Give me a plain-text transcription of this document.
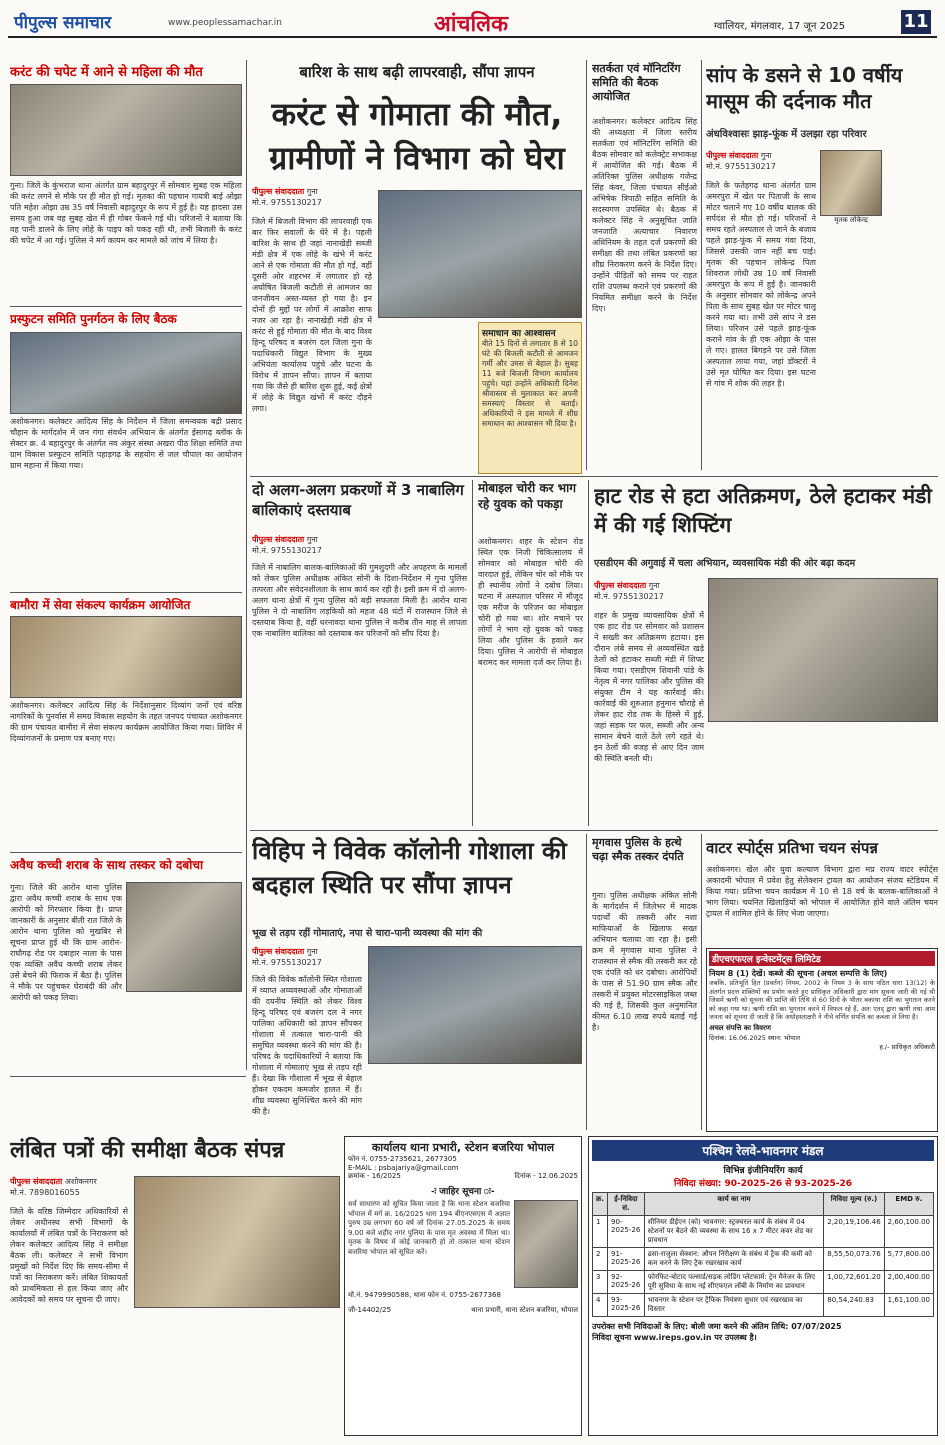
पीपुल्स समाचार	www.peoplessamachar.in	आंचलिक	ग्वालियर, मंगलवार, 17 जून 2025	11
करंट की चपेट में आने से महिला की मौत
गुना। जिले के कुंभराज थाना अंतर्गत ग्राम बहादुरपुर में सोमवार सुबह एक महिला की करंट लगने से मौके पर ही मौत हो गई। मृतका की पहचान गायत्री बाई ओझा पति महेश ओझा उम्र 35 वर्ष निवासी बहादुरपुर के रूप में हुई है। यह हादसा उस समय हुआ जब वह सुबह खेत में ही गोबर फेंकने गई थी। परिजनों ने बताया कि वह पानी डालने के लिए लोहे के पाइप को पकड़ रही थी, तभी बिजली के करंट की चपेट में आ गई। पुलिस ने मर्ग कायम कर मामले को जांच में लिया है।
प्रस्फुटन समिति पुनर्गठन के लिए बैठक
अशोकनगर। कलेक्टर आदित्य सिंह के निर्देशन में जिला समन्वयक बद्री प्रसाद चौहान के मार्गदर्शन में जन गंगा संवर्धन अभियान के अंतर्गत ईसागढ़ ब्लॉक के सेक्टर क्र. 4 बहादुरपुर के अंतर्गत नव अंकुर संस्था अखरा पीठ शिक्षा समिति तथा ग्राम विकास प्रस्फुटन समिति पहाड़गढ़ के सहयोग से जल चौपाल का आयोजन ग्राम महाना में किया गया।
बामौरा में सेवा संकल्प कार्यक्रम आयोजित
अशोकनगर। कलेक्टर आदित्य सिंह के निर्देशानुसार दिव्यांग जनों एवं वरिष्ठ नागरिकों के पुनर्वास में समग्र विकास सहयोग के तहत जनपद पंचायत अशोकनगर की ग्राम पंचायत बामौरा में सेवा संकल्प कार्यक्रम आयोजित किया गया। शिविर में दिव्यांगजनों के प्रमाण पत्र बनाए गए।
अवैध कच्ची शराब के साथ तस्कर को दबोचा
गुना। जिले की आरोन थाना पुलिस द्वारा अवैध कच्ची शराब के साथ एक आरोपी को गिरफ्तार किया है। प्राप्त जानकारी के अनुसार बीती रात जिले के आरोन थाना पुलिस को मुखबिर से सूचना प्राप्त हुई थी कि ग्राम आरोन-राघौगढ़ रोड पर दबाहार नाला के पास एक व्यक्ति अवैध कच्ची शराब लेकर उसे बेचने की फिराक में बैठा है। पुलिस ने मौके पर पहुंचकर घेराबंदी की और आरोपी को पकड़ लिया।
बारिश के साथ बढ़ी लापरवाही, सौंपा ज्ञापन
करंट से गोमाता की मौत, ग्रामीणों ने विभाग को घेरा
पीपुल्स संवाददाता गुना
मो.नं. 9755130217
जिले में बिजली विभाग की लापरवाही एक बार फिर सवालों के घेरे में है। पहली बारिश के साथ ही जहां नानाखेड़ी सब्जी मंडी क्षेत्र में एक लोहे के खंभे में करंट आने से एक गोमाता की मौत हो गई, वहीं दूसरी ओर शहरभर में लगातार हो रहे अघोषित बिजली कटौती से आमजन का जनजीवन अस्त-व्यस्त हो गया है। इन दोनों ही मुद्दों पर लोगों में आक्रोश साफ नजर आ रहा है। नानाखेड़ी मंडी क्षेत्र में करंट से हुई गोमाता की मौत के बाद विश्व हिन्दू परिषद व बजरंग दल जिला गुना के पदाधिकारी विद्युत विभाग के मुख्य अभियंता कार्यालय पहुंचे और घटना के विरोध में ज्ञापन सौंपा। ज्ञापन में बताया गया कि जैसे ही बारिश शुरू हुई, कई क्षेत्रों में लोहे के विद्युत खंभों में करंट दौड़ने लगा।
समाधान का आश्वासन
बीते 15 दिनों से लगातार 8 से 10 घंटे की बिजली कटौती से आमजन गर्मी और उमस से बेहाल है। सुबह 11 बजे बिजली विभाग कार्यालय पहुंचे। यहां उन्होंने अधिकारी दिनेश श्रीवास्तव से मुलाकात कर अपनी समस्याएं विस्तार से बताईं। अधिकारियों ने इस मामले में शीघ्र समाधान का आश्वासन भी दिया है।
सतर्कता एवं मॉनिटरिंग समिति की बैठक आयोजित
अशोकनगर। कलेक्टर आदित्य सिंह की अध्यक्षता में जिला स्तरीय सतर्कता एवं मॉनिटरिंग समिति की बैठक सोमवार को कलेक्ट्रेट सभाकक्ष में आयोजित की गई। बैठक में अतिरिक्त पुलिस अधीक्षक गजेन्द्र सिंह कंवर, जिला पंचायत सीईओ अभिषेक त्रिपाठी सहित समिति के सदस्यगण उपस्थित थे। बैठक में कलेक्टर सिंह ने अनुसूचित जाति जनजाति अत्याचार निवारण अधिनियम के तहत दर्ज प्रकरणों की समीक्षा की तथा लंबित प्रकरणों का शीघ्र निराकरण करने के निर्देश दिए। उन्होंने पीड़ितों को समय पर राहत राशि उपलब्ध कराने एवं प्रकरणों की नियमित समीक्षा करने के निर्देश दिए।
सांप के डसने से 10 वर्षीय मासूम की दर्दनाक मौत
अंधविश्वासः झाड़-फूंक में उलझा रहा परिवार
पीपुल्स संवाददाता गुना
मो.नं. 9755130217
मृतक लोकेन्द्र
जिले के फतेहगढ़ थाना अंतर्गत ग्राम अमरपुरा में खेत पर पिताजी के साथ मोटर चलाने गए 10 वर्षीय बालक की सर्पदंश से मौत हो गई। परिजनों ने समय रहते अस्पताल ले जाने के बजाय पहले झाड़-फूंक में समय गंवा दिया, जिससे उसकी जान नहीं बच पाई। मृतक की पहचान लोकेन्द्र पिता शिवराज लोधी उम्र 10 वर्ष निवासी अमरपुरा के रूप में हुई है। जानकारी के अनुसार सोमवार को लोकेन्द्र अपने पिता के साथ सुबह खेत पर मोटर चालू करने गया था। तभी उसे सांप ने डस लिया। परिजन उसे पहले झाड़-फूंक कराने गांव के ही एक ओझा के पास ले गए। हालत बिगड़ने पर उसे जिला अस्पताल लाया गया, जहां डॉक्टरों ने उसे मृत घोषित कर दिया। इस घटना से गांव में शोक की लहर है।
दो अलग-अलग प्रकरणों में 3 नाबालिग बालिकाएं दस्तयाब
पीपुल्स संवाददाता गुना
मो.नं. 9755130217
जिले में नाबालिग बालक-बालिकाओं की गुमशुदगी और अपहरण के मामलों को लेकर पुलिस अधीक्षक अंकित सोनी के दिशा-निर्देशन में गुना पुलिस तत्परता और संवेदनशीलता के साथ कार्य कर रही है। इसी क्रम में दो अलग-अलग थाना क्षेत्रों में गुना पुलिस को बड़ी सफलता मिली है। आरोन थाना पुलिस ने दो नाबालिग लड़कियों को महज 48 घंटों में राजस्थान जिले से दस्तयाब किया है, वहीं धरनावदा थाना पुलिस ने करीब तीन माह से लापता एक नाबालिग बालिका को दस्तयाब कर परिजनों को सौंप दिया है।
मोबाइल चोरी कर भाग रहे युवक को पकड़ा
अशोकनगर। शहर के स्टेशन रोड स्थित एक निजी चिकित्सालय में सोमवार को मोबाइल चोरी की वारदात हुई, लेकिन चोर को मौके पर ही स्थानीय लोगों ने दबोच लिया। घटना में अस्पताल परिसर में मौजूद एक मरीज के परिजन का मोबाइल चोरी हो गया था। शोर मचाने पर लोगों ने भाग रहे युवक को पकड़ लिया और पुलिस के हवाले कर दिया। पुलिस ने आरोपी से मोबाइल बरामद कर मामला दर्ज कर लिया है।
हाट रोड से हटा अतिक्रमण, ठेले हटाकर मंडी में की गई शिफ्टिंग
एसडीएम की अगुवाई में चला अभियान, व्यवसायिक मंडी की ओर बढ़ा कदम
पीपुल्स संवाददाता गुना
मो.नं. 9755130217
शहर के प्रमुख व्यावसायिक क्षेत्रों में एक हाट रोड पर सोमवार को प्रशासन ने सख्ती कर अतिक्रमण हटाया। इस दौरान लंबे समय से अव्यवस्थित खड़े ठेलों को हटाकर सब्जी मंडी में शिफ्ट किया गया। एसडीएम शिवानी पांडे के नेतृत्व में नगर पालिका और पुलिस की संयुक्त टीम ने यह कार्रवाई की। कार्रवाई की शुरुआत हनुमान चौराहे से लेकर हाट रोड तक के हिस्से में हुई, जहां सड़क पर फल, सब्जी और अन्य सामान बेचने वाले ठेले लगे रहते थे। इन ठेलों की वजह से आए दिन जाम की स्थिति बनती थी।
विहिप ने विवेक कॉलोनी गोशाला की बदहाल स्थिति पर सौंपा ज्ञापन
भूख से तड़प रहीं गोमाताएं, नपा से चारा-पानी व्यवस्था की मांग की
पीपुल्स संवाददाता गुना
मो.नं. 9755130217
जिले की विवेक कॉलोनी स्थित गोशाला में व्याप्त अव्यवस्थाओं और गोमाताओं की दयनीय स्थिति को लेकर विश्व हिन्दू परिषद एवं बजरंग दल ने नगर पालिका अधिकारी को ज्ञापन सौंपकर गोशाला में तत्काल चारा-पानी की समुचित व्यवस्था करने की मांग की है। परिषद के पदाधिकारियों ने बताया कि गोशाला में गोमाताएं भूख से तड़प रही हैं। देखा कि गौशाला में भूख से बेहाल होकर एकदम कमजोर हालत में हैं। शीघ्र व्यवस्था सुनिश्चित करने की मांग की है।
मृगवास पुलिस के हत्थे चढ़ा स्मैक तस्कर दंपति
गुना। पुलिस अधीक्षक अंकित सोनी के मार्गदर्शन में जिलेभर में मादक पदार्थों की तस्करी और नशा माफियाओं के खिलाफ सख्त अभियान चलाया जा रहा है। इसी क्रम में मृगवास थाना पुलिस ने राजस्थान से स्मैक की तस्करी कर रहे एक दंपति को धर दबोचा। आरोपियों के पास से 51.90 ग्राम स्मैक और तस्करी में प्रयुक्त मोटरसाइकिल जब्त की गई है, जिसकी कुल अनुमानित कीमत 6.10 लाख रुपये बताई गई है।
वाटर स्पोर्ट्स प्रतिभा चयन संपन्न
अशोकनगर। खेल और युवा कल्याण विभाग द्वारा मप्र राज्य वाटर स्पोर्ट्स अकादमी भोपाल में प्रवेश हेतु सेलेक्शन ट्रायल का आयोजन संजय स्टेडियम में किया गया। प्रतिभा चयन कार्यक्रम में 10 से 18 वर्ष के बालक-बालिकाओं ने भाग लिया। चयनित खिलाड़ियों को भोपाल में आयोजित होने वाले अंतिम चयन ट्रायल में शामिल होने के लिए भेजा जाएगा।
डीएचएफएल इन्वेस्टमेंट्स लिमिटेड
नियम 8 (1) देखें। कब्जे की सूचना (अचल सम्पत्ति के लिए)
जबकि, प्रतिभूति हित (प्रवर्तन) नियम, 2002 के नियम 3 के साथ पठित धारा 13(12) के अंतर्गत प्रदत्त शक्तियों का प्रयोग करते हुए प्राधिकृत अधिकारी द्वारा मांग सूचना जारी की गई थी जिसमें ऋणी को सूचना की प्राप्ति की तिथि से 60 दिनों के भीतर बकाया राशि का भुगतान करने को कहा गया था। ऋणी राशि का भुगतान करने में विफल रहे हैं, अतः एतद् द्वारा ऋणी तथा आम जनता को सूचना दी जाती है कि अधोहस्ताक्षरी ने नीचे वर्णित संपत्ति का कब्जा ले लिया है।
अचल संपत्ति का विवरण
दिनांक: 16.06.2025 स्थान: भोपाल
ह./- प्राधिकृत अधिकारी
लंबित पत्रों की समीक्षा बैठक संपन्न
पीपुल्स संवाददाता अशोकनगर
मो.नं. 7898016055
जिले के वरिष्ठ जिम्मेदार अधिकारियों से लेकर अधीनस्थ सभी विभागों के कार्यालयों में लंबित पत्रों के निराकरण को लेकर कलेक्टर आदित्य सिंह ने समीक्षा बैठक ली। कलेक्टर ने सभी विभाग प्रमुखों को निर्देश दिए कि समय-सीमा में पत्रों का निराकरण करें। लंबित शिकायतों को प्राथमिकता से हल किया जाए और आवेदकों को समय पर सूचना दी जाए।
कार्यालय थाना प्रभारी, स्टेशन बजरिया भोपाल
फोन नं. 0755-2735621, 2677305
E-MAIL : psbajariya@gmail.com
क्रमांक - 16/2025	दिनांक - 12.06.2025
-ः जाहिर सूचना ः-
सर्व साधारण को सूचित किया जाता है कि थाना स्टेशन बजरिया भोपाल में मर्ग क्र. 16/2025 धारा 194 बीएनएसएस में अज्ञात पुरुष उम्र लगभग 60 वर्ष जो दिनांक 27.05.2025 के समय 9.00 बजे शहीद नगर पुलिया के पास मृत अवस्था में मिला था। मृतक के विषय में कोई जानकारी हो तो तत्काल थाना स्टेशन बजरिया भोपाल को सूचित करें।
मो.नं. 9479990588, थाना फोन नं. 0755-2677368
जी-14402/25	थाना प्रभारी, थाना स्टेशन बजरिया, भोपाल
पश्चिम रेलवे-भावनगर मंडल
विभिन्न इंजीनियरिंग कार्य
निविदा संख्या: 90-2025-26 से 93-2025-26
क्र.	ई-निविदा सं.	कार्य का नाम	निविदा मूल्य (रु.)	EMD रु.
1	90-2025-26	सीनियर डीईएन (को) भावनगर: स्ट्रक्चरल कार्य के संबंध में 04 स्टेशनों पर बैठने की व्यवस्था के साथ 16 x 7 मीटर कवर शेड का प्रावधान	2,20,19,106.46	2,60,100.00
2	91-2025-26	ढसा-राजुला सेक्शन: औपन निरीक्षण के संबंध में ट्रैक की कमी को कम करने के लिए ट्रैक रखरखाव कार्य	8,55,50,073.76	5,77,800.00
3	92-2025-26	फोरफिट-बोटाद पल्सार्ड/सड़क लोडिंग प्लेटफार्म: ट्रेन मैनेजर के लिए पूरी सुविधा के साथ नई सीएफएल लॉबी के निर्माण का प्रावधान	1,00,72,601.20	2,00,400.00
4	93-2025-26	भावनगर के स्टेशन पर ट्रैफिक नियंत्रण सुधार एवं रखरखाव का विस्तार	80,54,240.83	1,61,100.00
उपरोक्त सभी निविदाओं के लिए: बोली जमा करने की अंतिम तिथि: 07/07/2025
निविदा सूचना www.ireps.gov.in पर उपलब्ध है।
